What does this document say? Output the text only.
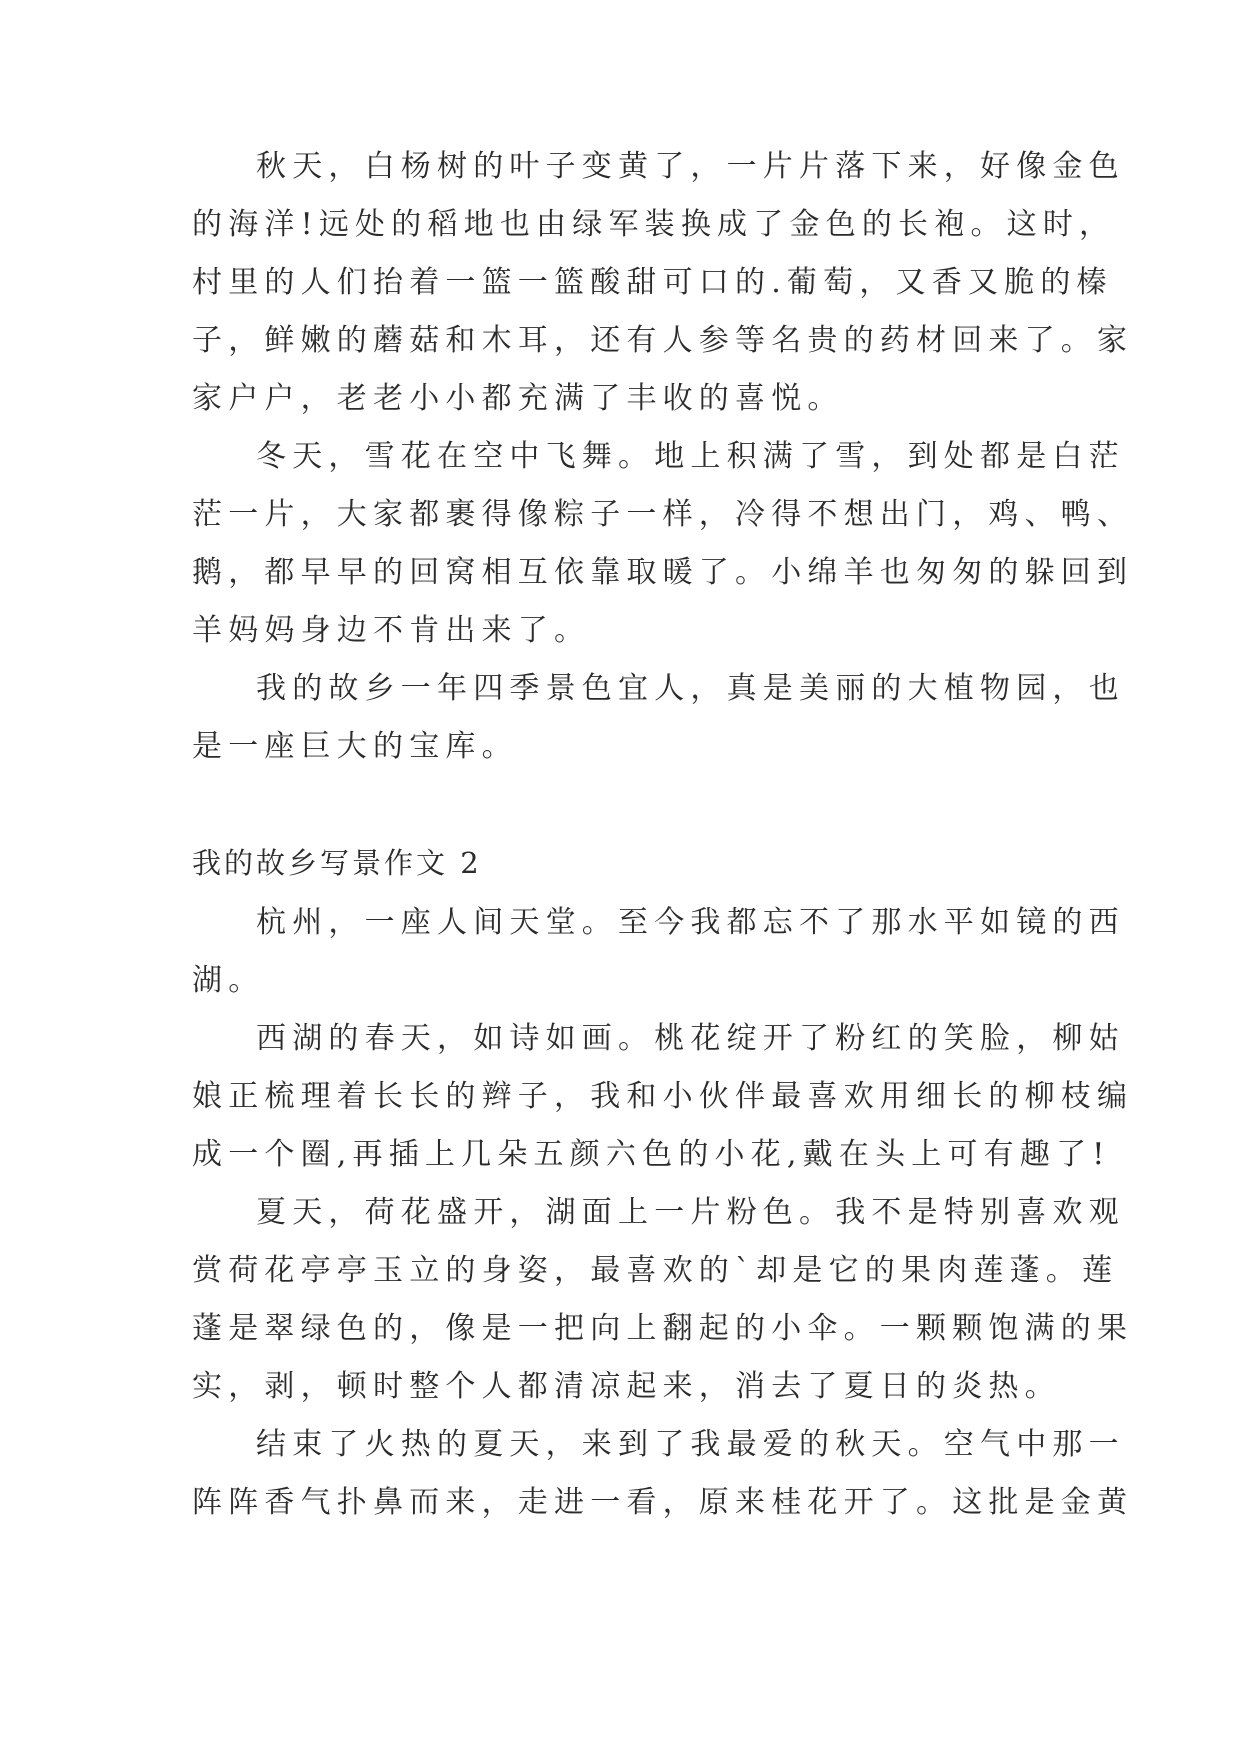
秋天，白杨树的叶子变黄了，一片片落下来，好像金色
的海洋!远处的稻地也由绿军装换成了金色的长袍。这时，
村里的人们抬着一篮一篮酸甜可口的.葡萄，又香又脆的榛
子，鲜嫩的蘑菇和木耳，还有人参等名贵的药材回来了。家
家户户，老老小小都充满了丰收的喜悦。
冬天，雪花在空中飞舞。地上积满了雪，到处都是白茫
茫一片，大家都裹得像粽子一样，冷得不想出门，鸡、鸭、
鹅，都早早的回窝相互依靠取暖了。小绵羊也匆匆的躲回到
羊妈妈身边不肯出来了。
我的故乡一年四季景色宜人，真是美丽的大植物园，也
是一座巨大的宝库。
我的故乡写景作文 2
杭州，一座人间天堂。至今我都忘不了那水平如镜的西
湖。
西湖的春天，如诗如画。桃花绽开了粉红的笑脸，柳姑
娘正梳理着长长的辫子，我和小伙伴最喜欢用细长的柳枝编
成一个圈,再插上几朵五颜六色的小花,戴在头上可有趣了!
夏天，荷花盛开，湖面上一片粉色。我不是特别喜欢观
赏荷花亭亭玉立的身姿，最喜欢的`却是它的果肉莲蓬。莲
蓬是翠绿色的，像是一把向上翻起的小伞。一颗颗饱满的果
实，剥，顿时整个人都清凉起来，消去了夏日的炎热。
结束了火热的夏天，来到了我最爱的秋天。空气中那一
阵阵香气扑鼻而来，走进一看，原来桂花开了。这批是金黄
